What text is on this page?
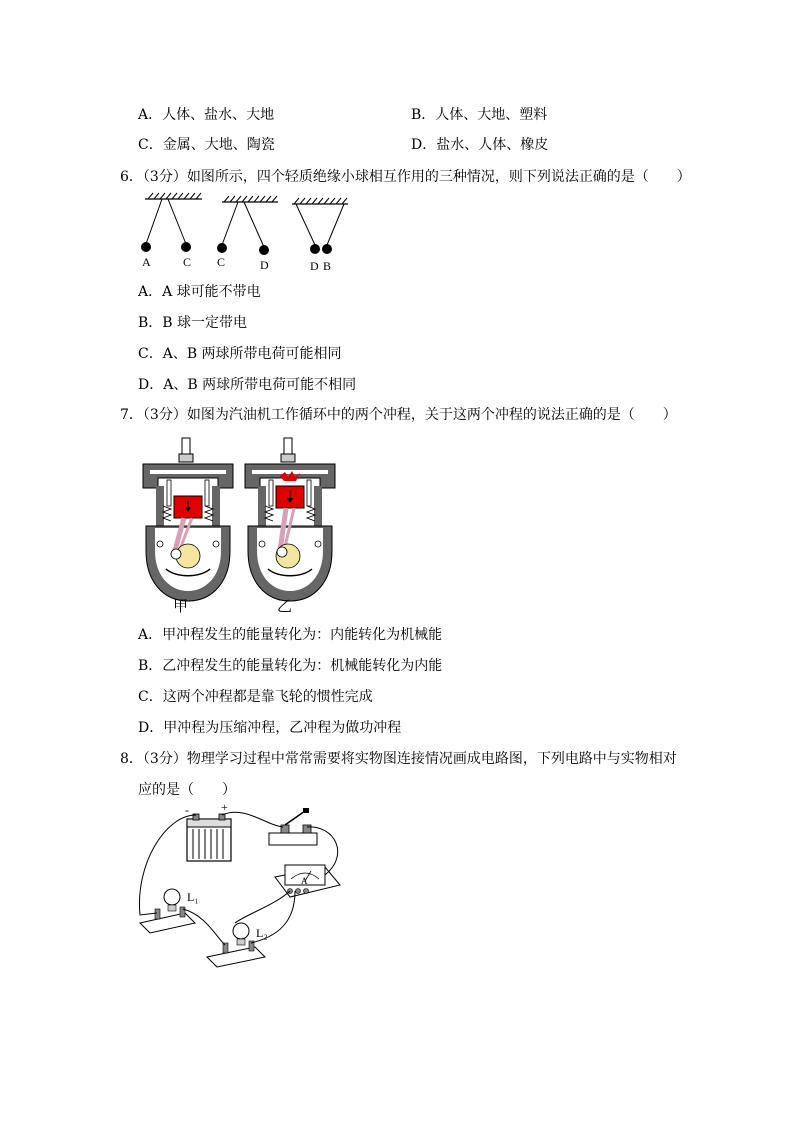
A．人体、盐水、大地	B．人体、大地、塑料
C．金属、大地、陶瓷	D．盐水、人体、橡皮
6．（3分）如图所示，四个轻质绝缘小球相互作用的三种情况，则下列说法正确的是（　　）
A	C C	D	D B
A．A 球可能不带电
B．B 球一定带电
C．A、B 两球所带电荷可能相同
D．A、B 两球所带电荷可能不相同
7．（3分）如图为汽油机工作循环中的两个冲程，关于这两个冲程的说法正确的是（　　）
甲	乙
A．甲冲程发生的能量转化为：内能转化为机械能
B．乙冲程发生的能量转化为：机械能转化为内能
C．这两个冲程都是靠飞轮的惯性完成
D．甲冲程为压缩冲程，乙冲程为做功冲程
8．（3分）物理学习过程中常常需要将实物图连接情况画成电路图，下列电路中与实物相对
应的是（　　）
-	+
A
L₁
L₂
